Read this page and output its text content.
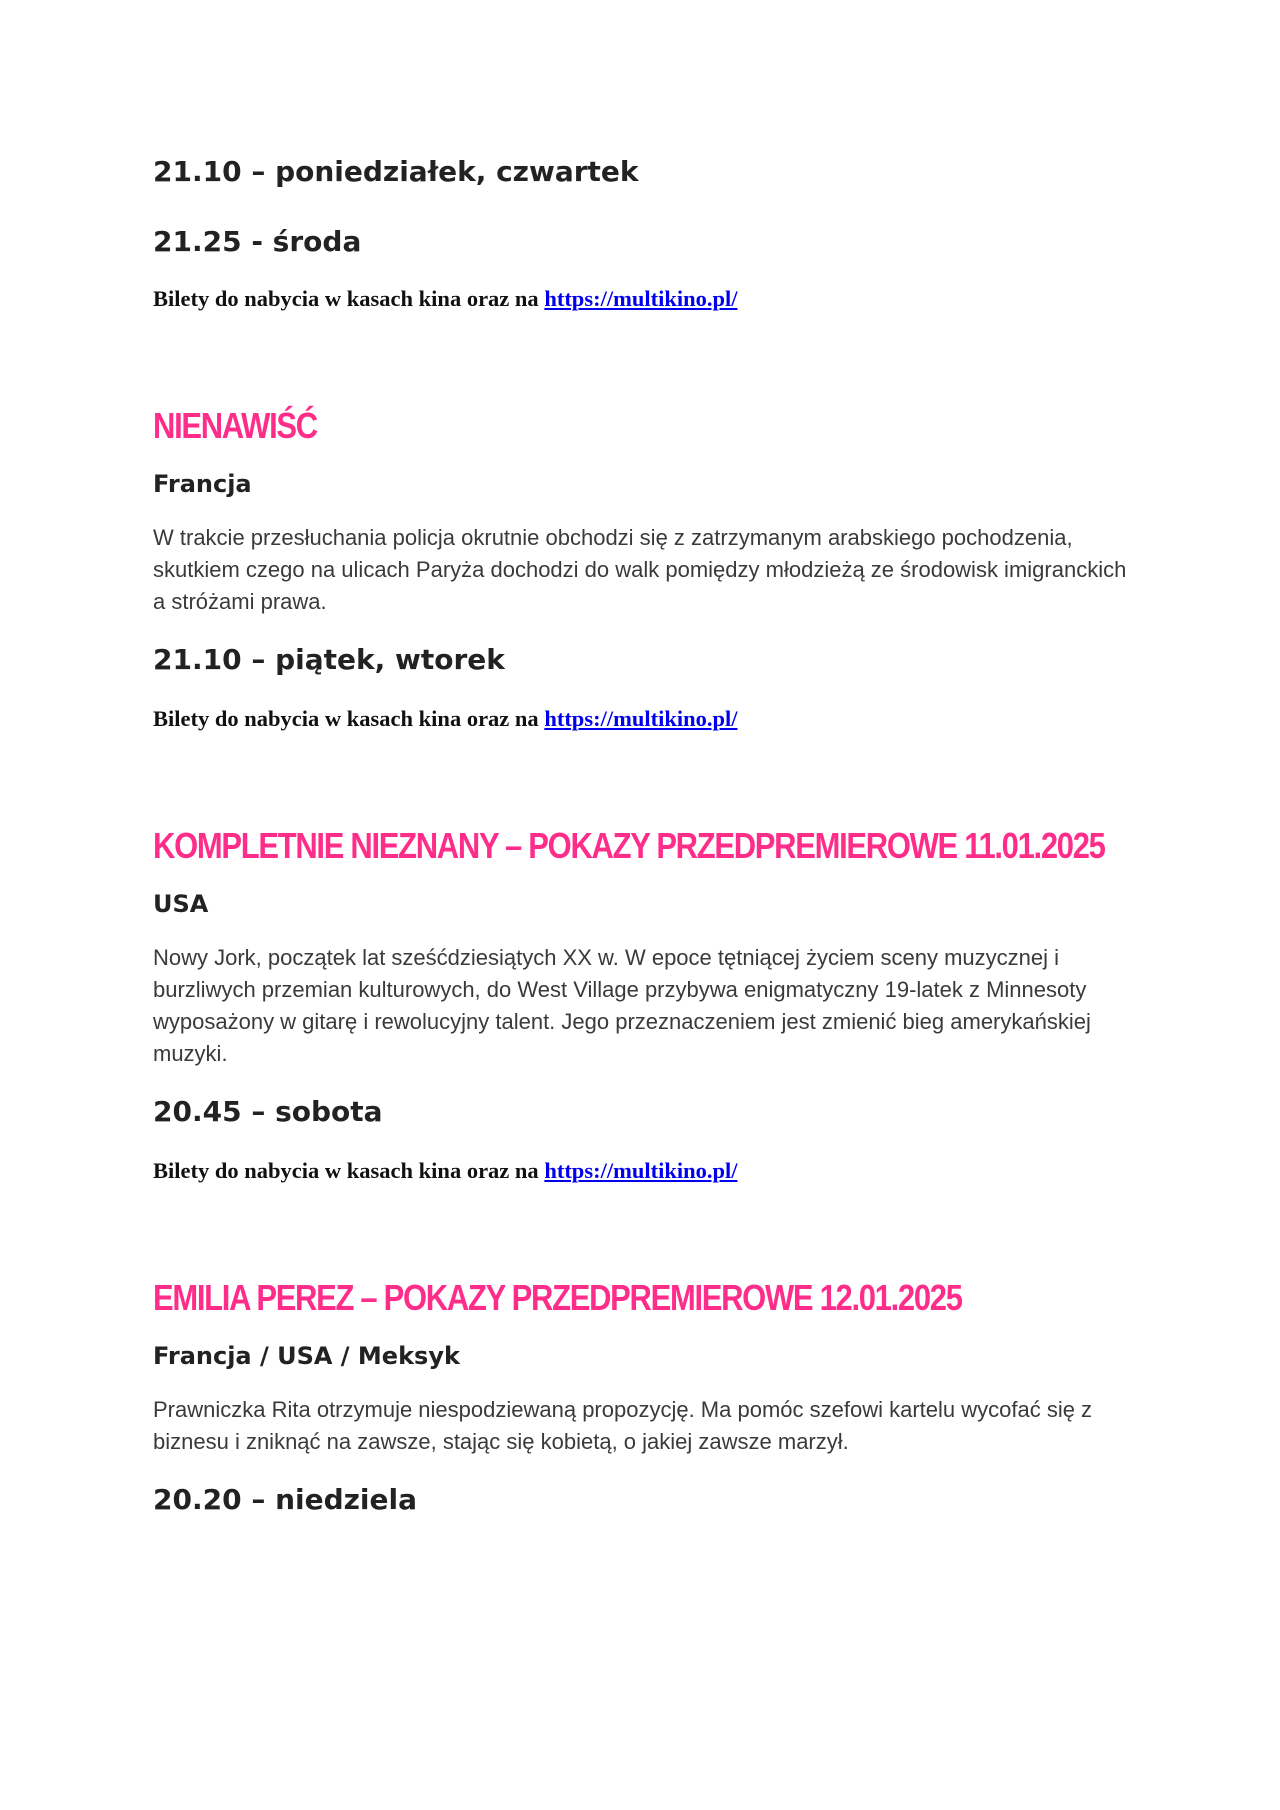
21.10 – poniedziałek, czwartek

21.25 - środa

Bilety do nabycia w kasach kina oraz na https://multikino.pl/

NIENAWIŚĆ

Francja

W trakcie przesłuchania policja okrutnie obchodzi się z zatrzymanym arabskiego pochodzenia, skutkiem czego na ulicach Paryża dochodzi do walk pomiędzy młodzieżą ze środowisk imigranckich a stróżami prawa.

21.10 – piątek, wtorek

Bilety do nabycia w kasach kina oraz na https://multikino.pl/

KOMPLETNIE NIEZNANY – POKAZY PRZEDPREMIEROWE 11.01.2025

USA

Nowy Jork, początek lat sześćdziesiątych XX w. W epoce tętniącej życiem sceny muzycznej i burzliwych przemian kulturowych, do West Village przybywa enigmatyczny 19-latek z Minnesoty wyposażony w gitarę i rewolucyjny talent. Jego przeznaczeniem jest zmienić bieg amerykańskiej muzyki.

20.45 – sobota

Bilety do nabycia w kasach kina oraz na https://multikino.pl/

EMILIA PEREZ – POKAZY PRZEDPREMIEROWE 12.01.2025

Francja / USA / Meksyk

Prawniczka Rita otrzymuje niespodziewaną propozycję. Ma pomóc szefowi kartelu wycofać się z biznesu i zniknąć na zawsze, stając się kobietą, o jakiej zawsze marzył.

20.20 – niedziela
